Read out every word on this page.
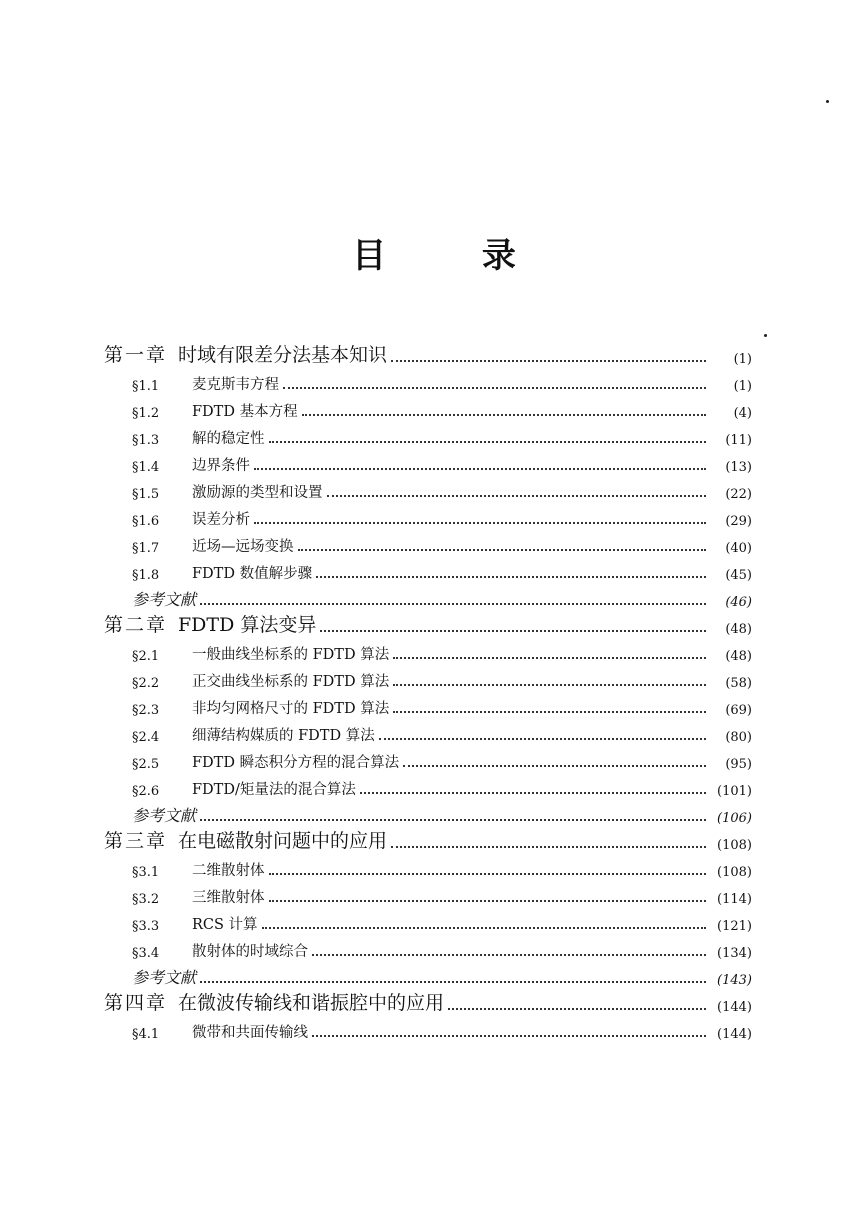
目 录
第一章 时域有限差分法基本知识	(1)
§1.1	麦克斯韦方程	(1)
§1.2	FDTD 基本方程	(4)
§1.3	解的稳定性	(11)
§1.4	边界条件	(13)
§1.5	激励源的类型和设置	(22)
§1.6	误差分析	(29)
§1.7	近场—远场变换	(40)
§1.8	FDTD 数值解步骤	(45)
参考文献	(46)
第二章 FDTD 算法变异	(48)
§2.1	一般曲线坐标系的 FDTD 算法	(48)
§2.2	正交曲线坐标系的 FDTD 算法	(58)
§2.3	非均匀网格尺寸的 FDTD 算法	(69)
§2.4	细薄结构媒质的 FDTD 算法	(80)
§2.5	FDTD 瞬态积分方程的混合算法	(95)
§2.6	FDTD/矩量法的混合算法	(101)
参考文献	(106)
第三章 在电磁散射问题中的应用	(108)
§3.1	二维散射体	(108)
§3.2	三维散射体	(114)
§3.3	RCS 计算	(121)
§3.4	散射体的时域综合	(134)
参考文献	(143)
第四章 在微波传输线和谐振腔中的应用	(144)
§4.1	微带和共面传输线	(144)
